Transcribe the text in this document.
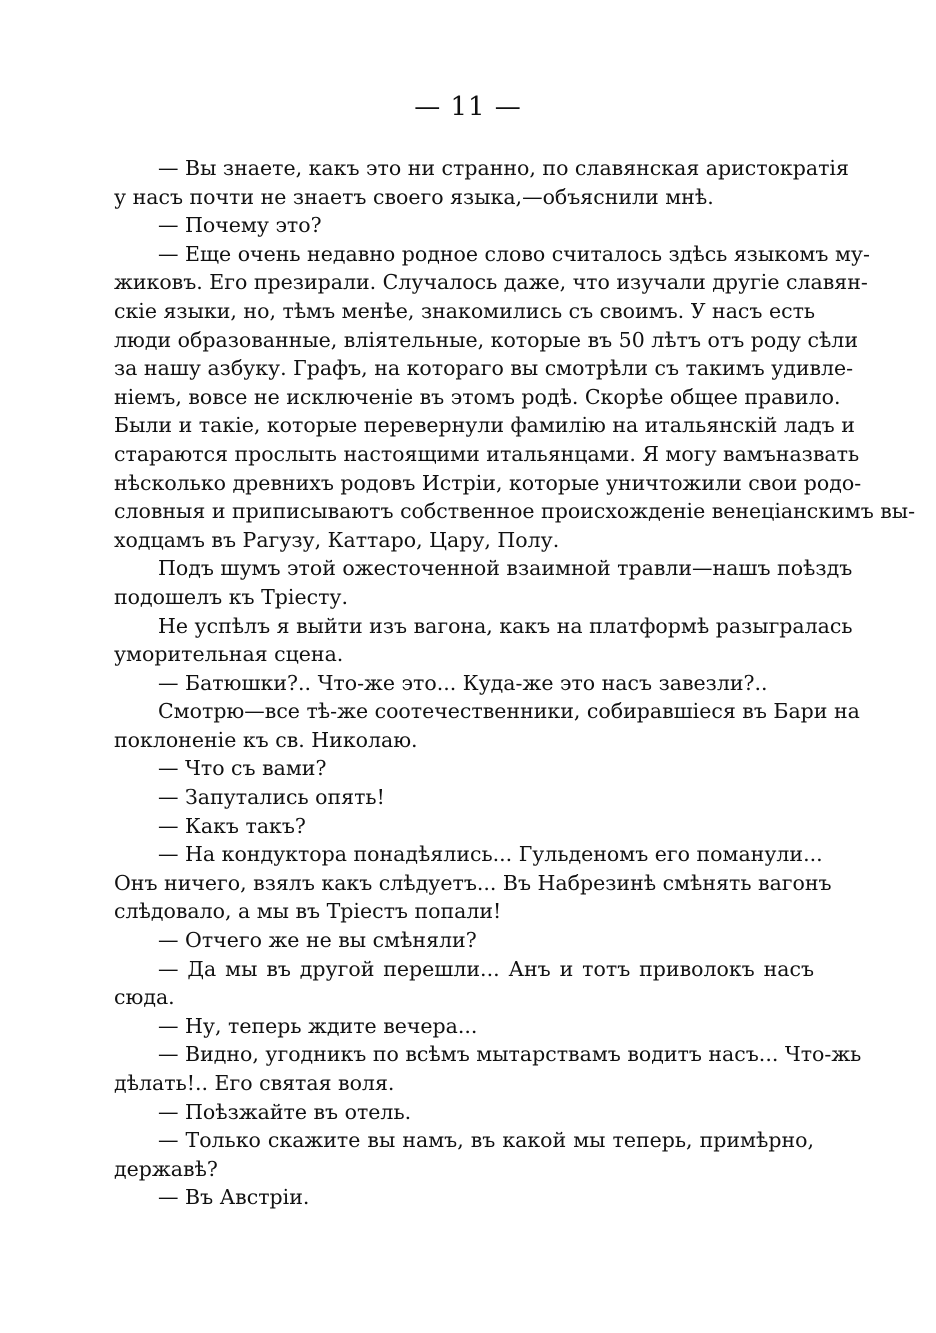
— 11 —
— Вы знаете, какъ это ни странно, по славянская аристократія
у насъ почти не знаетъ своего языка,—объяснили мнѣ.
— Почему это?
— Еще очень недавно родное слово считалось здѣсь языкомъ му-
жиковъ. Его презирали. Случалось даже, что изучали другіе славян-
скіе языки, но, тѣмъ менѣе, знакомились съ своимъ. У насъ есть
люди образованные, вліятельные, которые въ 50 лѣтъ отъ роду сѣли
за нашу азбуку. Графъ, на котораго вы смотрѣли съ такимъ удивле-
ніемъ, вовсе не исключеніе въ этомъ родѣ. Скорѣе общее правило.
Были и такіе, которые перевернули фамилію на итальянскій ладъ и
стараются прослыть настоящими итальянцами. Я могу вамъназвать
нѣсколько древнихъ родовъ Истріи, которые уничтожили свои родо-
словныя и приписываютъ собственное происхожденіе венеціанскимъ вы-
ходцамъ въ Рагузу, Каттаро, Цару, Полу.
Подъ шумъ этой ожесточенной взаимной травли—нашъ поѣздъ
подошелъ къ Тріесту.
Не успѣлъ я выйти изъ вагона, какъ на платформѣ разыгралась
уморительная сцена.
— Батюшки?.. Что-же это... Куда-же это насъ завезли?..
Смотрю—все тѣ-же соотечественники, собиравшіеся въ Бари на
поклоненіе къ св. Николаю.
— Что съ вами?
— Запутались опять!
— Какъ такъ?
— На кондуктора понадѣялись... Гульденомъ его поманули...
Онъ ничего, взялъ какъ слѣдуетъ... Въ Набрезинѣ смѣнять вагонъ
слѣдовало, а мы въ Тріестъ попали!
— Отчего же не вы смѣняли?
— Да мы въ другой перешли... Анъ и тотъ приволокъ насъ
сюда.
— Ну, теперь ждите вечера...
— Видно, угодникъ по всѣмъ мытарствамъ водитъ насъ... Что-жь
дѣлать!.. Его святая воля.
— Поѣзжайте въ отель.
— Только скажите вы намъ, въ какой мы теперь, примѣрно,
державѣ?
— Въ Австріи.
